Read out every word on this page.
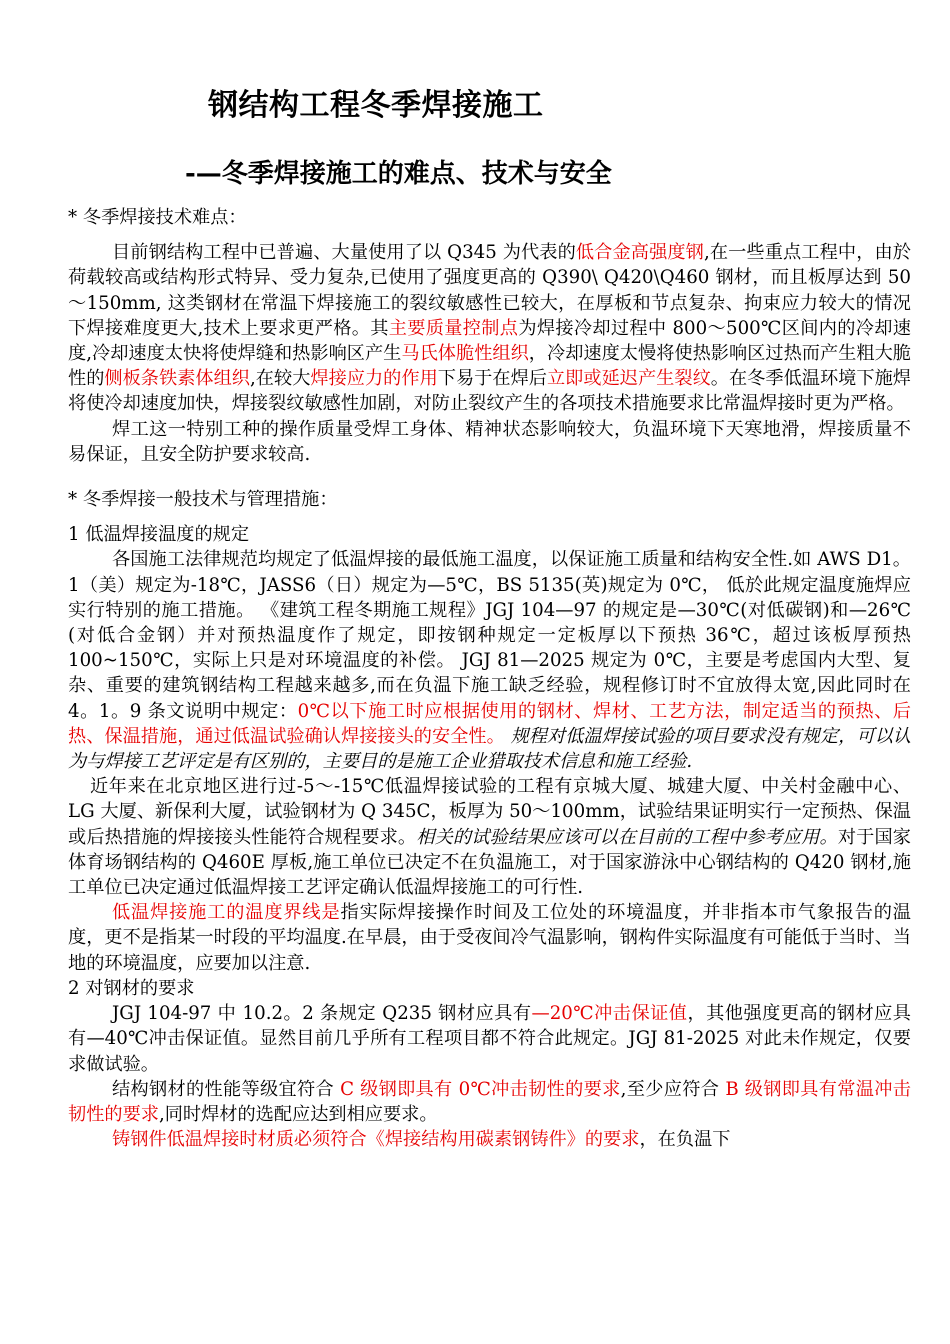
钢结构工程冬季焊接施工
-—冬季焊接施工的难点、技术与安全

* 冬季焊接技术难点：

目前钢结构工程中已普遍、大量使用了以 Q345 为代表的低合金高强度钢,在一些重点工程中，由於荷载较高或结构形式特异、受力复杂,已使用了强度更高的 Q390\ Q420\Q460 钢材，而且板厚达到 50～150mm, 这类钢材在常温下焊接施工的裂纹敏感性已较大，在厚板和节点复杂、拘束应力较大的情况下焊接难度更大,技术上要求更严格。其主要质量控制点为焊接冷却过程中 800～500℃区间内的冷却速度,冷却速度太快将使焊缝和热影响区产生马氏体脆性组织，冷却速度太慢将使热影响区过热而产生粗大脆性的侧板条铁素体组织,在较大焊接应力的作用下易于在焊后立即或延迟产生裂纹。在冬季低温环境下施焊将使冷却速度加快，焊接裂纹敏感性加剧，对防止裂纹产生的各项技术措施要求比常温焊接时更为严格。

焊工这一特别工种的操作质量受焊工身体、精神状态影响较大，负温环境下天寒地滑，焊接质量不易保证，且安全防护要求较高.

* 冬季焊接一般技术与管理措施：

1 低温焊接温度的规定

各国施工法律规范均规定了低温焊接的最低施工温度，以保证施工质量和结构安全性.如 AWS D1。1（美）规定为-18℃，JASS6（日）规定为—5℃，BS 5135(英)规定为 0℃， 低於此规定温度施焊应实行特别的施工措施。 《建筑工程冬期施工规程》JGJ 104—97 的规定是—30℃(对低碳钢)和—26℃(对低合金钢）并对预热温度作了规定，即按钢种规定一定板厚以下预热 36℃，超过该板厚预热 100~150℃，实际上只是对环境温度的补偿。 JGJ 81—2025 规定为 0℃，主要是考虑国内大型、复杂、重要的建筑钢结构工程越来越多,而在负温下施工缺乏经验，规程修订时不宜放得太宽,因此同时在 4。1。9 条文说明中规定：0℃以下施工时应根据使用的钢材、焊材、工艺方法，制定适当的预热、后热、保温措施，通过低温试验确认焊接接头的安全性。 规程对低温焊接试验的项目要求没有规定，可以认为与焊接工艺评定是有区别的，主要目的是施工企业猎取技术信息和施工经验.

近年来在北京地区进行过-5～-15℃低温焊接试验的工程有京城大厦、城建大厦、中关村金融中心、LG 大厦、新保利大厦，试验钢材为 Q 345C，板厚为 50～100mm，试验结果证明实行一定预热、保温或后热措施的焊接接头性能符合规程要求。相关的试验结果应该可以在目前的工程中参考应用。对于国家体育场钢结构的 Q460E 厚板,施工单位已决定不在负温施工，对于国家游泳中心钢结构的 Q420 钢材,施工单位已决定通过低温焊接工艺评定确认低温焊接施工的可行性.

低温焊接施工的温度界线是指实际焊接操作时间及工位处的环境温度，并非指本市气象报告的温度，更不是指某一时段的平均温度.在早晨，由于受夜间冷气温影响，钢构件实际温度有可能低于当时、当地的环境温度，应要加以注意.

2 对钢材的要求

JGJ 104-97 中 10.2。2 条规定 Q235 钢材应具有—20℃冲击保证值，其他强度更高的钢材应具有—40℃冲击保证值。显然目前几乎所有工程项目都不符合此规定。JGJ 81-2025 对此未作规定，仅要求做试验。

结构钢材的性能等级宜符合 C 级钢即具有 0℃冲击韧性的要求,至少应符合 B 级钢即具有常温冲击韧性的要求,同时焊材的选配应达到相应要求。

铸钢件低温焊接时材质必须符合《焊接结构用碳素钢铸件》的要求，在负温下
